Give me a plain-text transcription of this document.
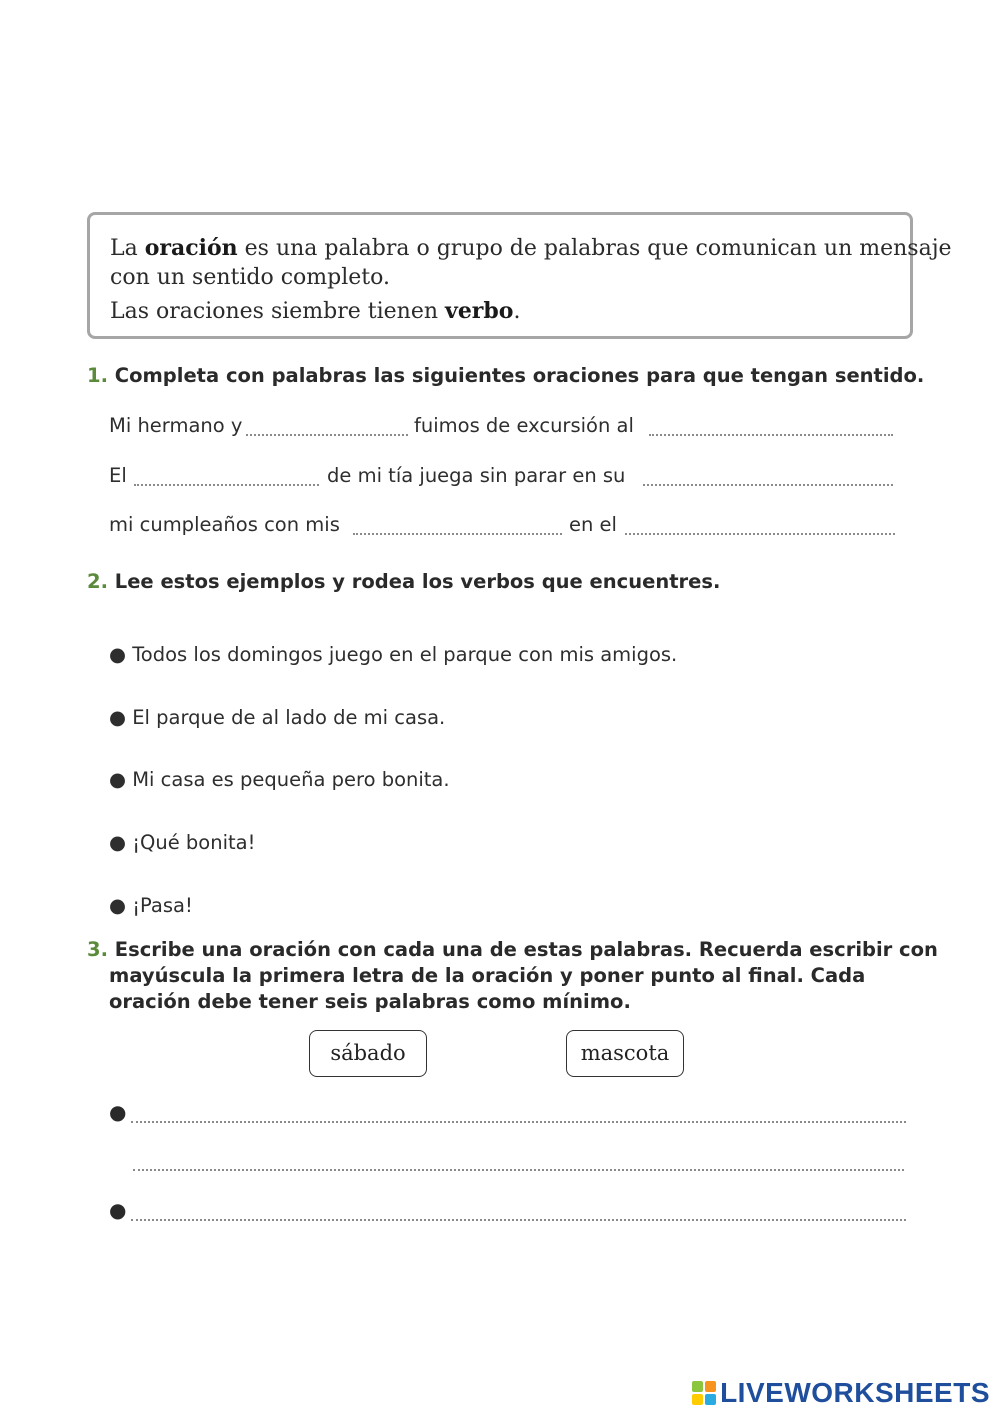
La oración es una palabra o grupo de palabras que comunican un mensaje
con un sentido completo.
Las oraciones siembre tienen verbo.
1. Completa con palabras las siguientes oraciones para que tengan sentido.
Mi hermano y	fuimos de excursión al
El	de mi tía juega sin parar en su
mi cumpleaños con mis	en el
2. Lee estos ejemplos y rodea los verbos que encuentres.
● Todos los domingos juego en el parque con mis amigos.
● El parque de al lado de mi casa.
● Mi casa es pequeña pero bonita.
● ¡Qué bonita!
● ¡Pasa!
3. Escribe una oración con cada una de estas palabras. Recuerda escribir con
mayúscula la primera letra de la oración y poner punto al final. Cada
oración debe tener seis palabras como mínimo.
sábado	mascota
●
●
LIVEWORKSHEETS
